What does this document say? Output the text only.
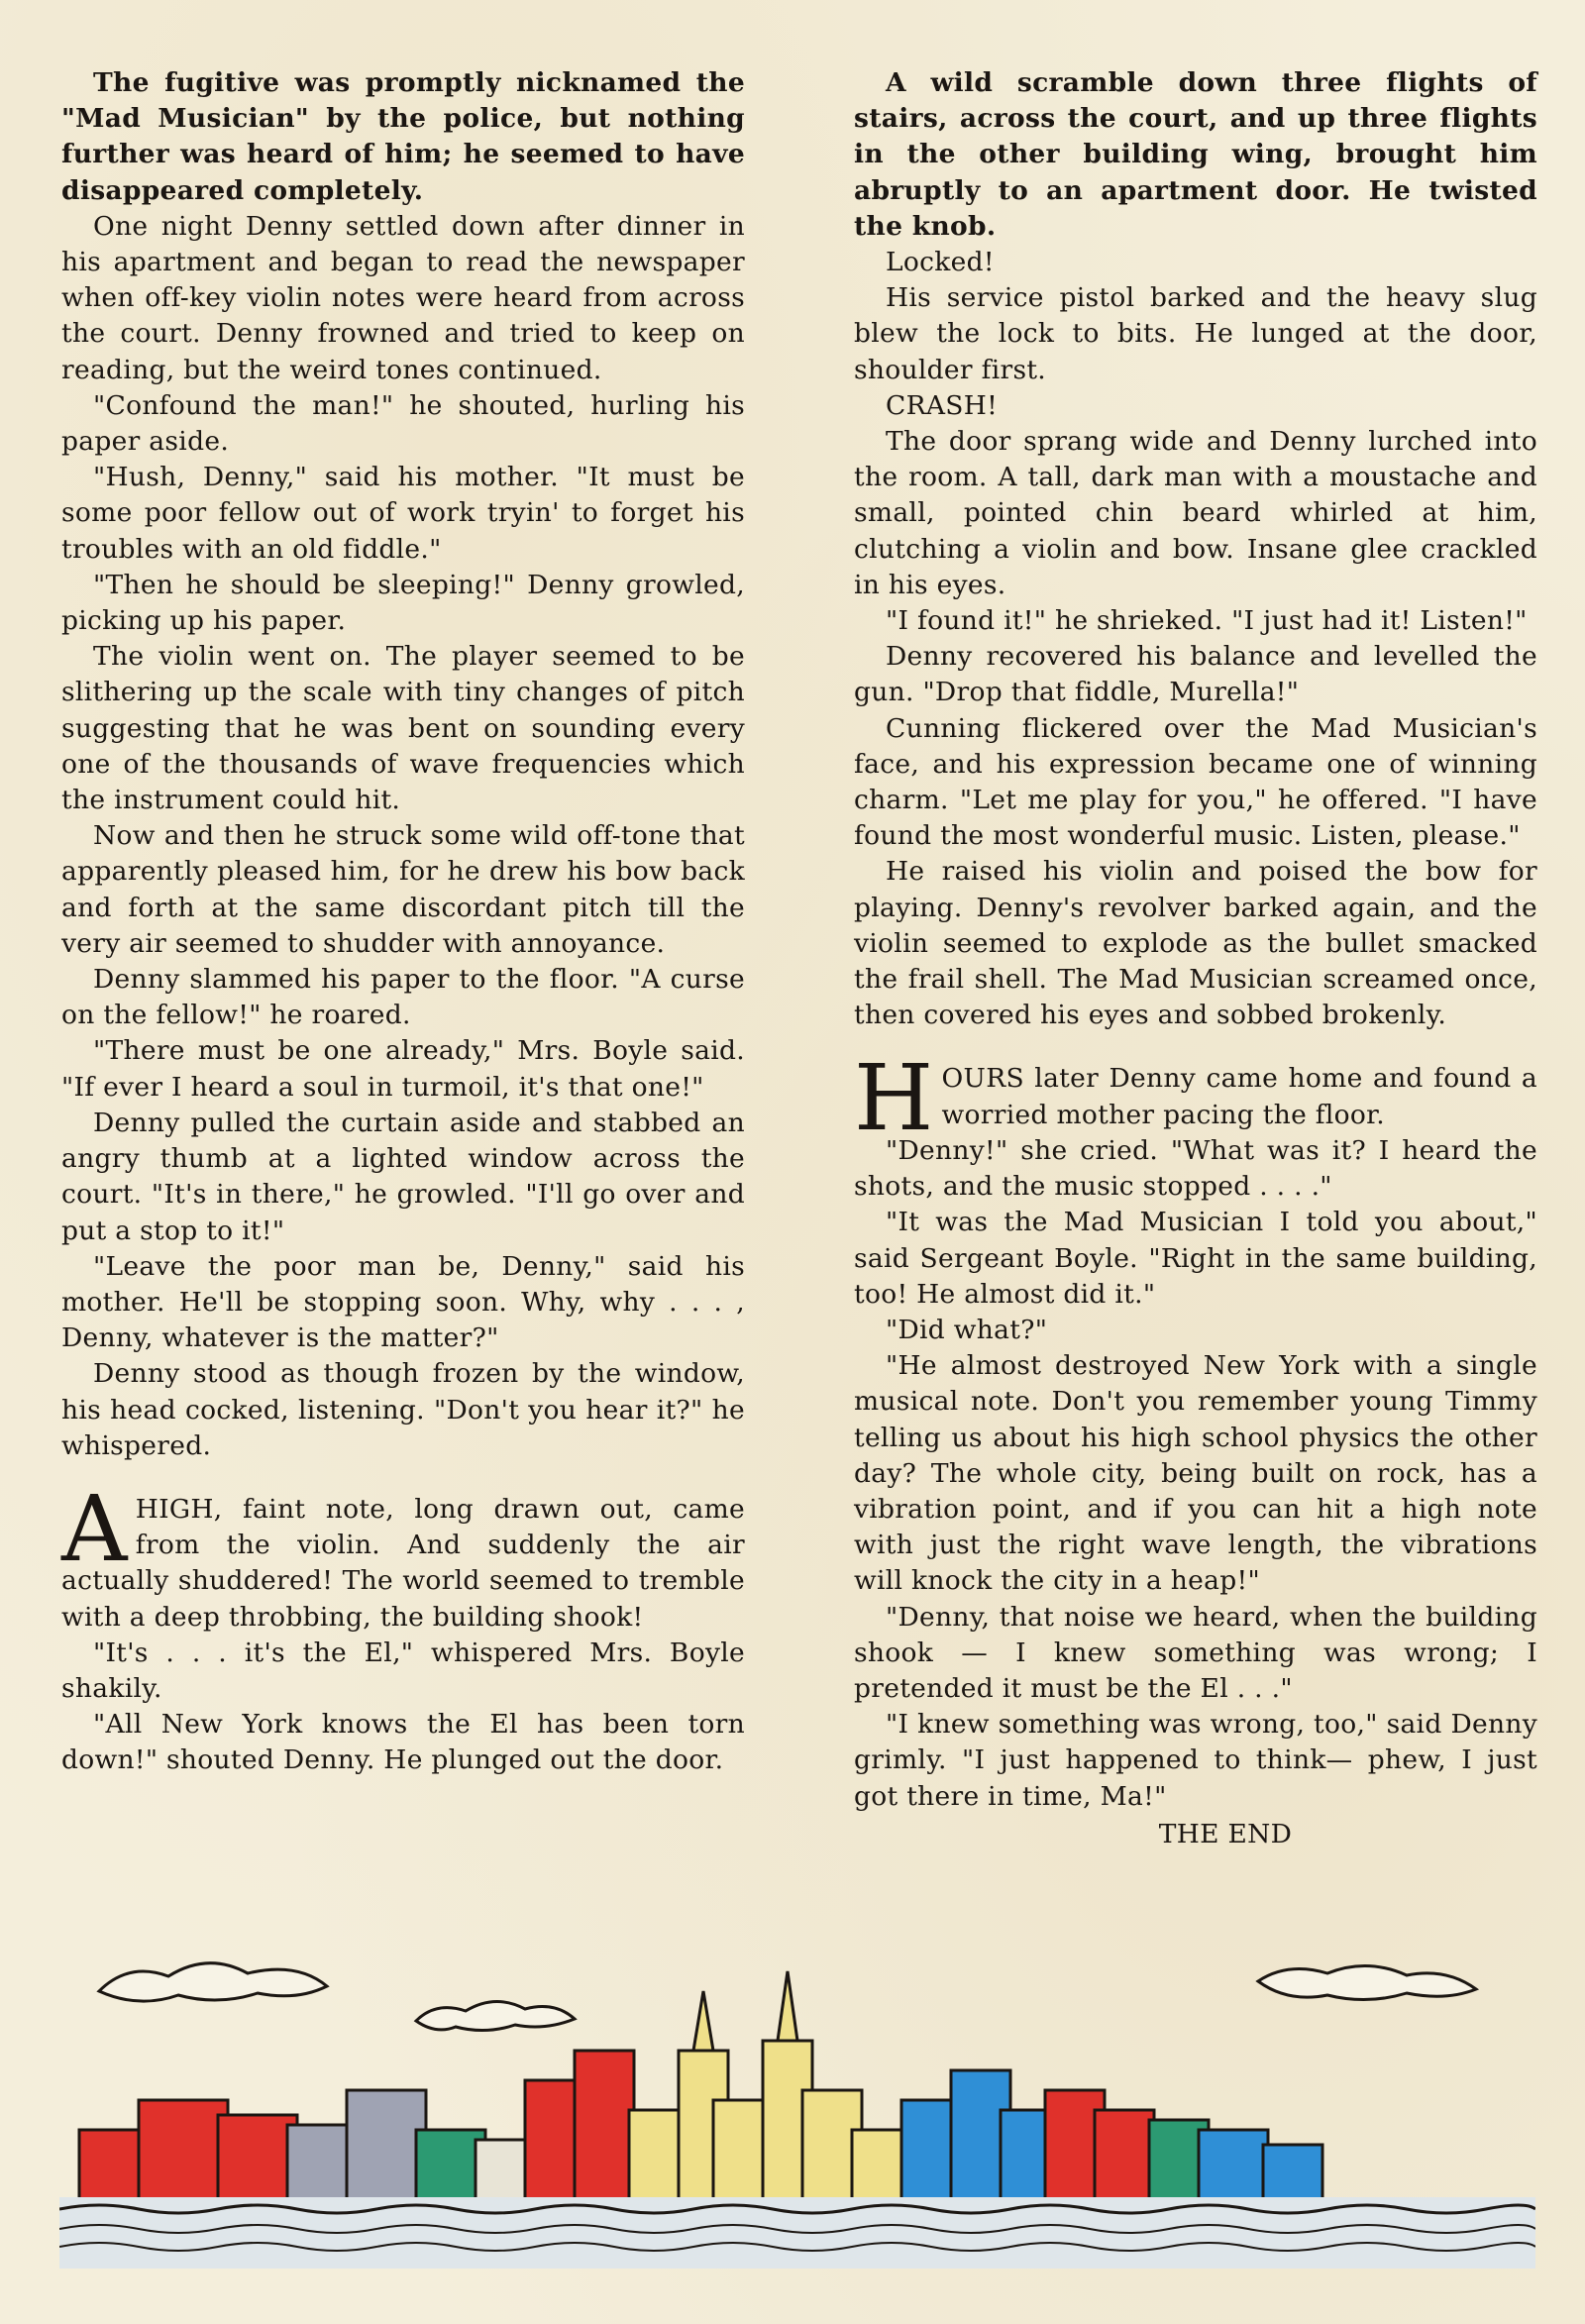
The fugitive was promptly nicknamed the "Mad Musician" by the police, but nothing further was heard of him; he seemed to have disappeared completely.

One night Denny settled down after dinner in his apartment and began to read the newspaper when off-key violin notes were heard from across the court. Denny frowned and tried to keep on reading, but the weird tones continued.

"Confound the man!" he shouted, hurling his paper aside.

"Hush, Denny," said his mother. "It must be some poor fellow out of work tryin' to forget his troubles with an old fiddle."

"Then he should be sleeping!" Denny growled, picking up his paper.

The violin went on. The player seemed to be slithering up the scale with tiny changes of pitch suggesting that he was bent on sounding every one of the thousands of wave frequencies which the instrument could hit.

Now and then he struck some wild off-tone that apparently pleased him, for he drew his bow back and forth at the same discordant pitch till the very air seemed to shudder with annoyance.

Denny slammed his paper to the floor. "A curse on the fellow!" he roared.

"There must be one already," Mrs. Boyle said. "If ever I heard a soul in turmoil, it's that one!"

Denny pulled the curtain aside and stabbed an angry thumb at a lighted window across the court. "It's in there," he growled. "I'll go over and put a stop to it!"

"Leave the poor man be, Denny," said his mother. He'll be stopping soon. Why, why . . . , Denny, whatever is the matter?"

Denny stood as though frozen by the window, his head cocked, listening. "Don't you hear it?" he whispered.

AHIGH, faint note, long drawn out, came from the violin. And suddenly the air actually shuddered! The world seemed to tremble with a deep throbbing, the building shook!

"It's . . . it's the El," whispered Mrs. Boyle shakily.

"All New York knows the El has been torn down!" shouted Denny. He plunged out the door.

A wild scramble down three flights of stairs, across the court, and up three flights in the other building wing, brought him abruptly to an apartment door. He twisted the knob.

Locked!

His service pistol barked and the heavy slug blew the lock to bits. He lunged at the door, shoulder first.

CRASH!

The door sprang wide and Denny lurched into the room. A tall, dark man with a moustache and small, pointed chin beard whirled at him, clutching a violin and bow. Insane glee crackled in his eyes.

"I found it!" he shrieked. "I just had it! Listen!"

Denny recovered his balance and levelled the gun. "Drop that fiddle, Murella!"

Cunning flickered over the Mad Musician's face, and his expression became one of winning charm. "Let me play for you," he offered. "I have found the most wonderful music. Listen, please."

He raised his violin and poised the bow for playing. Denny's revolver barked again, and the violin seemed to explode as the bullet smacked the frail shell. The Mad Musician screamed once, then covered his eyes and sobbed brokenly.

HOURS later Denny came home and found a worried mother pacing the floor.

"Denny!" she cried. "What was it? I heard the shots, and the music stopped . . . ."

"It was the Mad Musician I told you about," said Sergeant Boyle. "Right in the same building, too! He almost did it."

"Did what?"

"He almost destroyed New York with a single musical note. Don't you remember young Timmy telling us about his high school physics the other day? The whole city, being built on rock, has a vibration point, and if you can hit a high note with just the right wave length, the vibrations will knock the city in a heap!"

"Denny, that noise we heard, when the building shook — I knew something was wrong; I pretended it must be the El . . ."

"I knew something was wrong, too," said Denny grimly. "I just happened to think— phew, I just got there in time, Ma!"

THE END
